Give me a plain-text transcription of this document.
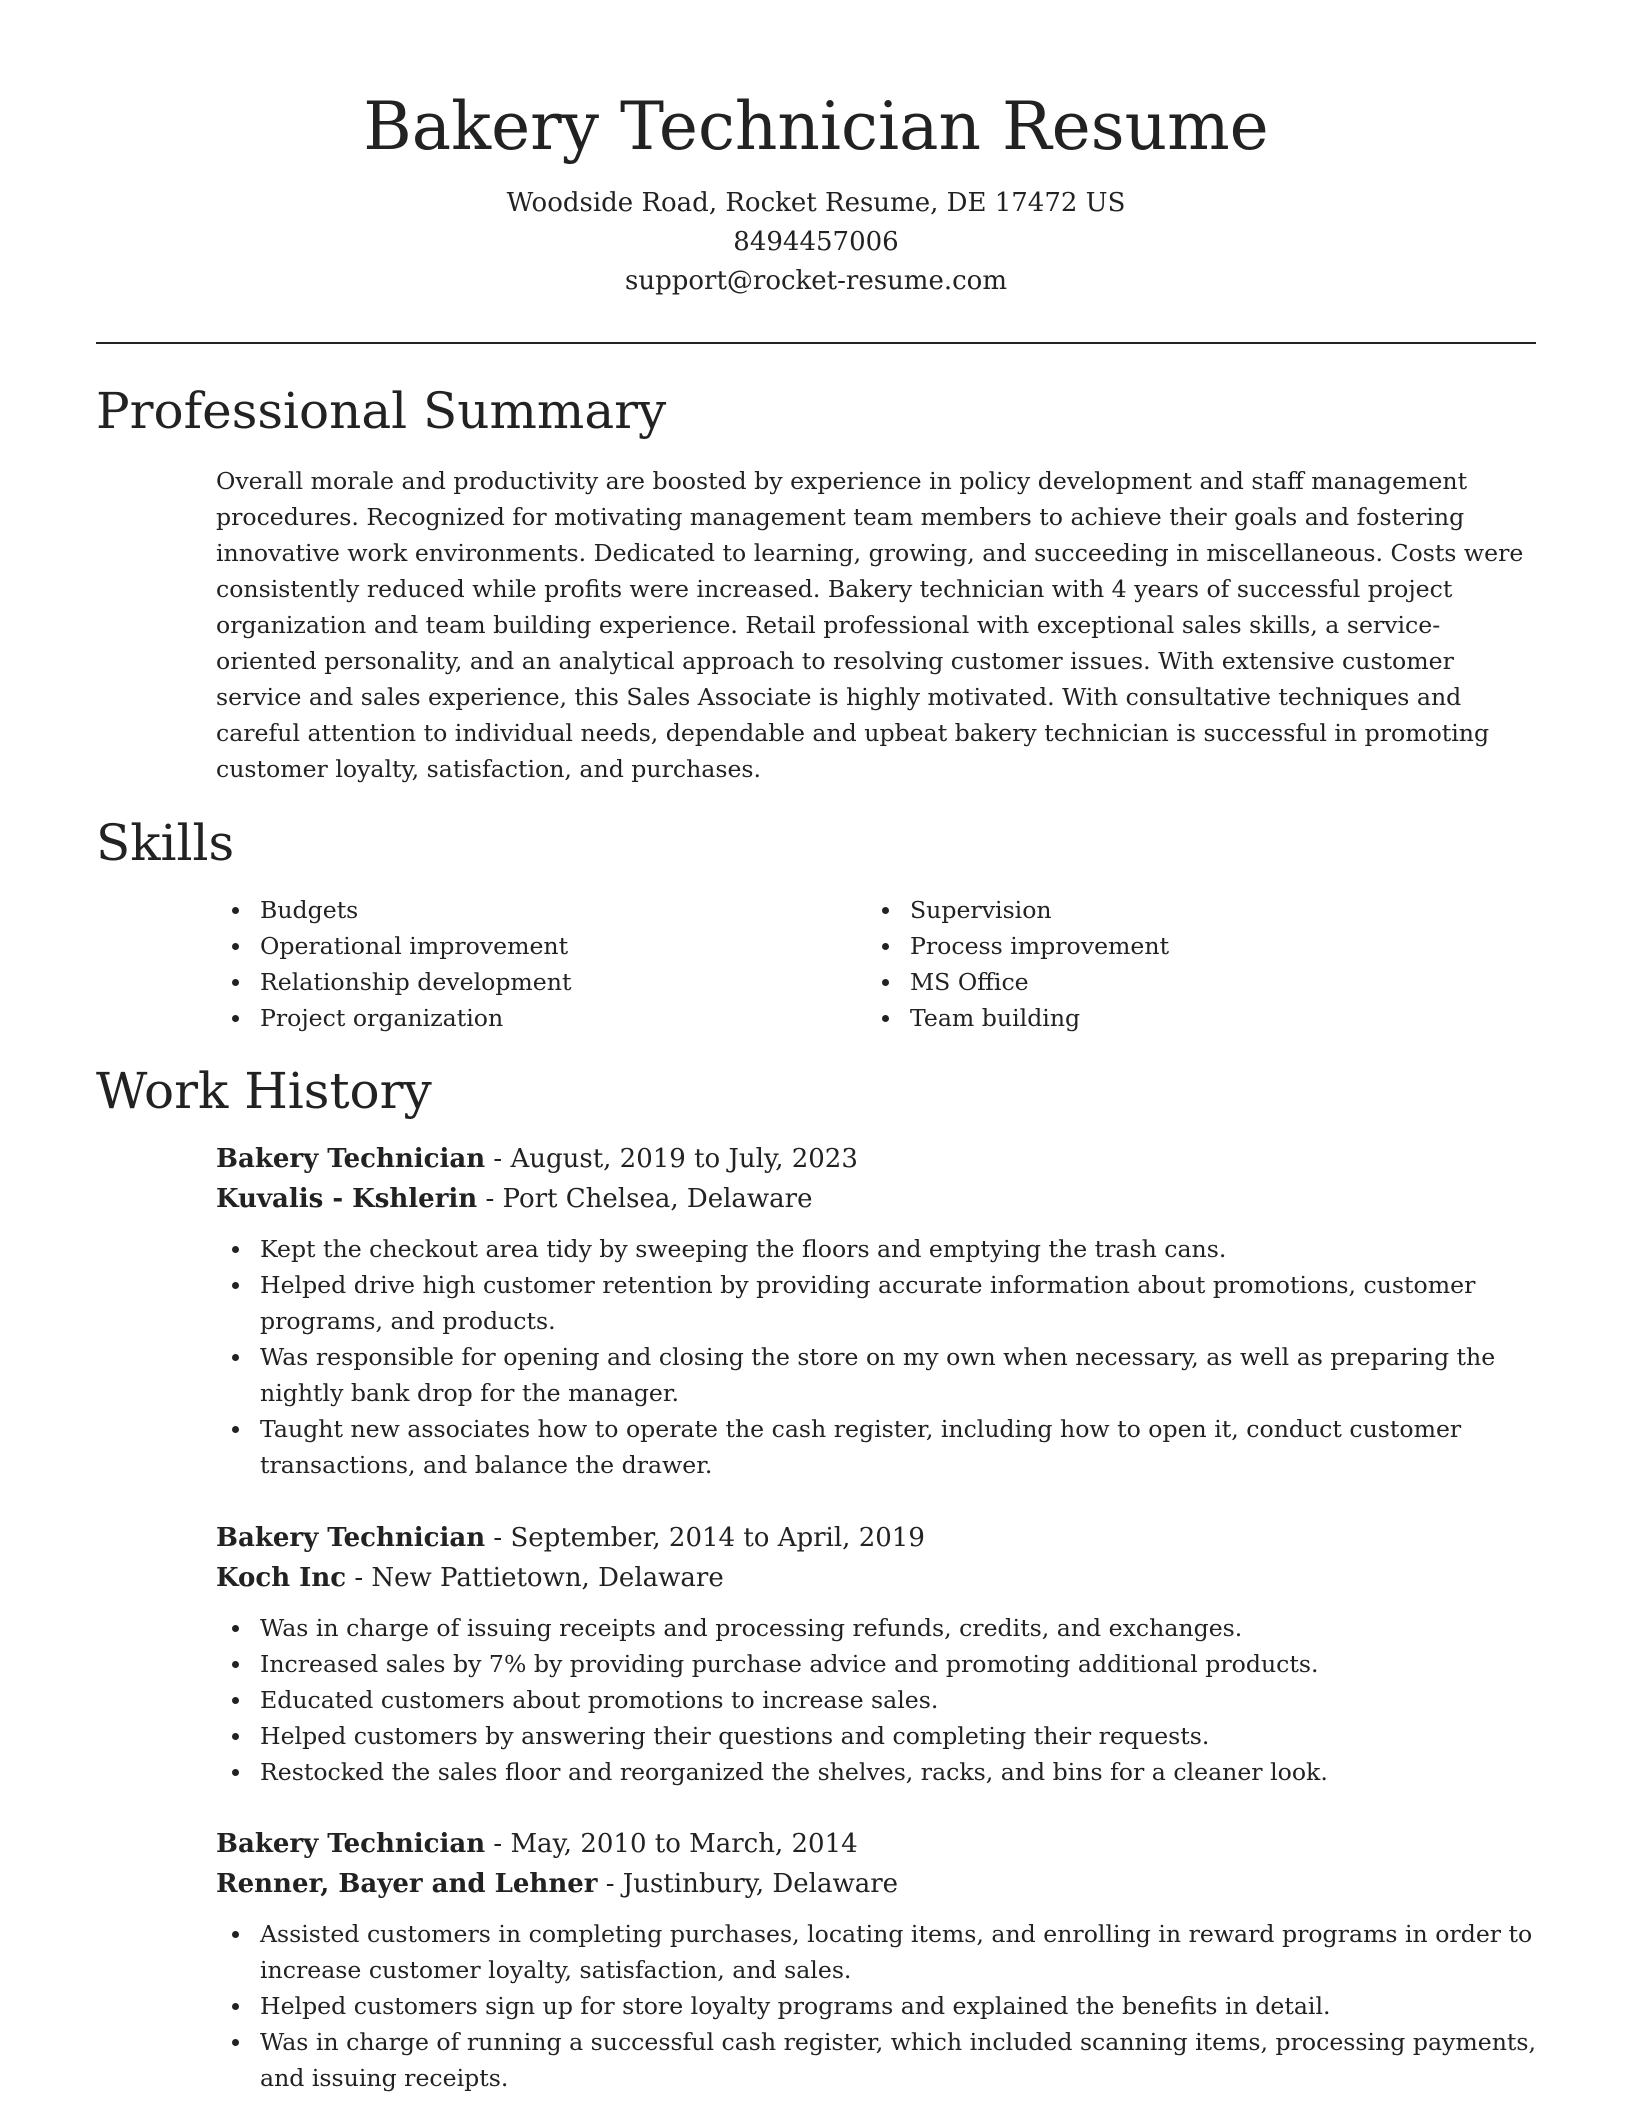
Bakery Technician Resume
Woodside Road, Rocket Resume, DE 17472 US
8494457006
support@rocket-resume.com
Professional Summary
Overall morale and productivity are boosted by experience in policy development and staff management procedures. Recognized for motivating management team members to achieve their goals and fostering innovative work environments. Dedicated to learning, growing, and succeeding in miscellaneous. Costs were consistently reduced while profits were increased. Bakery technician with 4 years of successful project organization and team building experience. Retail professional with exceptional sales skills, a service-oriented personality, and an analytical approach to resolving customer issues. With extensive customer service and sales experience, this Sales Associate is highly motivated. With consultative techniques and careful attention to individual needs, dependable and upbeat bakery technician is successful in promoting customer loyalty, satisfaction, and purchases.
Skills
Budgets
Operational improvement
Relationship development
Project organization
Supervision
Process improvement
MS Office
Team building
Work History
Bakery Technician - August, 2019 to July, 2023
Kuvalis - Kshlerin - Port Chelsea, Delaware
Kept the checkout area tidy by sweeping the floors and emptying the trash cans.
Helped drive high customer retention by providing accurate information about promotions, customer programs, and products.
Was responsible for opening and closing the store on my own when necessary, as well as preparing the nightly bank drop for the manager.
Taught new associates how to operate the cash register, including how to open it, conduct customer transactions, and balance the drawer.
Bakery Technician - September, 2014 to April, 2019
Koch Inc - New Pattietown, Delaware
Was in charge of issuing receipts and processing refunds, credits, and exchanges.
Increased sales by 7% by providing purchase advice and promoting additional products.
Educated customers about promotions to increase sales.
Helped customers by answering their questions and completing their requests.
Restocked the sales floor and reorganized the shelves, racks, and bins for a cleaner look.
Bakery Technician - May, 2010 to March, 2014
Renner, Bayer and Lehner - Justinbury, Delaware
Assisted customers in completing purchases, locating items, and enrolling in reward programs in order to increase customer loyalty, satisfaction, and sales.
Helped customers sign up for store loyalty programs and explained the benefits in detail.
Was in charge of running a successful cash register, which included scanning items, processing payments, and issuing receipts.
